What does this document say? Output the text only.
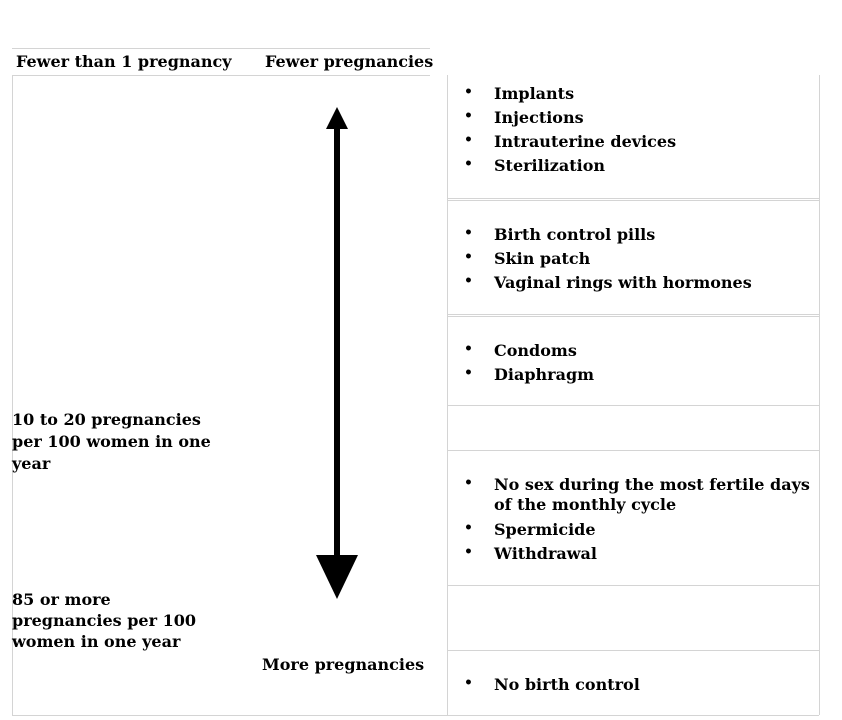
Fewer than 1 pregnancy Fewer pregnancies
10 to 20 pregnancies per 100 women in one year
85 or more pregnancies per 100 women in one year
More pregnancies
• Implants
• Injections
• Intrauterine devices
• Sterilization
• Birth control pills
• Skin patch
• Vaginal rings with hormones
• Condoms
• Diaphragm
• No sex during the most fertile days of the monthly cycle
• Spermicide
• Withdrawal
• No birth control
